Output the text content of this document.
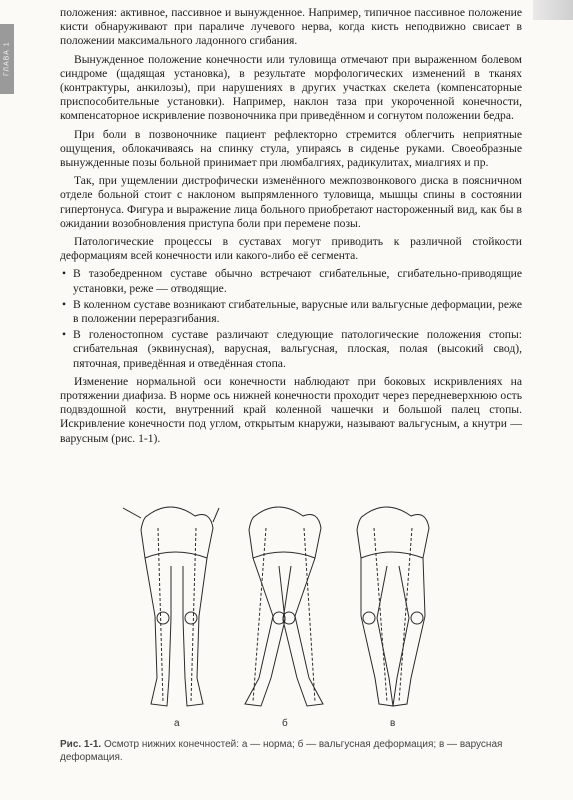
ГЛАВА 1

положения: активное, пассивное и вынужденное. Например, типичное пассивное положение кисти обнаруживают при параличе лучевого нерва, когда кисть неподвижно свисает в положении максимального ладонного сгибания.

Вынужденное положение конечности или туловища отмечают при выраженном болевом синдроме (щадящая установка), в результате морфологических изменений в тканях (контрактуры, анкилозы), при нарушениях в других участках скелета (компенсаторные приспособительные установки). Например, наклон таза при укороченной конечности, компенсаторное искривление позвоночника при приведённом и согнутом положении бедра.

При боли в позвоночнике пациент рефлекторно стремится облегчить неприятные ощущения, облокачиваясь на спинку стула, упираясь в сиденье руками. Своеобразные вынужденные позы больной принимает при люмбалгиях, радикулитах, миалгиях и пр.

Так, при ущемлении дистрофически изменённого межпозвонкового диска в поясничном отделе больной стоит с наклоном выпрямленного туловища, мышцы спины в состоянии гипертонуса. Фигура и выражение лица больного приобретают настороженный вид, как бы в ожидании возобновления приступа боли при перемене позы.

Патологические процессы в суставах могут приводить к различной стойкости деформациям всей конечности или какого-либо её сегмента.

• В тазобедренном суставе обычно встречают сгибательные, сгибательно-приводящие установки, реже — отводящие.
• В коленном суставе возникают сгибательные, варусные или вальгусные деформации, реже в положении переразгибания.
• В голеностопном суставе различают следующие патологические положения стопы: сгибательная (эквинусная), варусная, вальгусная, плоская, полая (высокий свод), пяточная, приведённая и отведённая стопа.

Изменение нормальной оси конечности наблюдают при боковых искривлениях на протяжении диафиза. В норме ось нижней конечности проходит через передневерхнюю ость подвздошной кости, внутренний край коленной чашечки и большой палец стопы. Искривление конечности под углом, открытым кнаружи, называют вальгусным, а кнутри — варусным (рис. 1-1).

а	б	в
Рис. 1-1. Осмотр нижних конечностей: а — норма; б — вальгусная деформация; в — варусная деформация.
